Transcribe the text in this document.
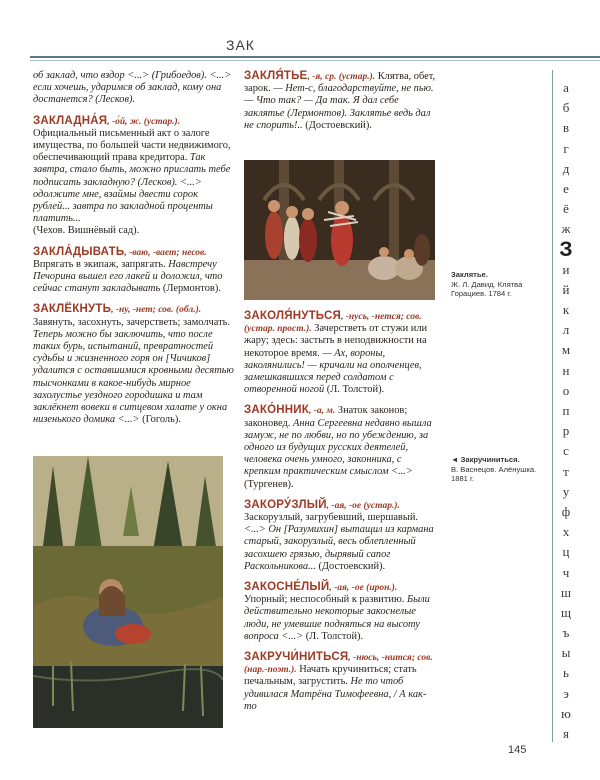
ЗАК

об заклад, что вздор <...> (Грибоедов). <...> если хочешь, ударимся об заклад, кому она достанется? (Лесков).

ЗАКЛАДНА́Я, -о́й, ж. (устар.). Официальный письменный акт о залоге имущества, по большей части недвижимого, обеспечивающий права кредитора. Так завтра, стало быть, можно прислать тебе подписать закладную? (Лесков). <...> одолжите мне, взаймы двести сорок рублей... завтра по закладной проценты платить...
(Чехов. Вишнёвый сад).

ЗАКЛА́ДЫВАТЬ, -ваю, -вает; несов. Впрягать в экипаж, запрягать. Навстречу Печорина вышел его лакей и доложил, что сейчас станут закладывать (Лермонтов).

ЗАКЛЁКНУТЬ, -ну, -нет; сов. (обл.). Завянуть, засохнуть, зачерстветь; замолчать. Теперь можно бы заключить, что после таких бурь, испытаний, превратностей судьбы и жизненного горя он [Чичиков] удалится с оставшимися кровными десятью тысчонками в какое-нибудь мирное захолустье уездного городишка и там заклёкнет вовеки в ситцевом халате у окна низенького домика <...> (Гоголь).

ЗАКЛЯ́ТЬЕ, -я, ср. (устар.). Клятва, обет, зарок. — Нет-с, благодарствуйте, не пью. — Что так? — Да так. Я дал себе заклятье (Лермонтов). Заклятье ведь дал не спорить!.. (Достоевский).

ЗАКОЛЯ́НУТЬСЯ, -нусь, -нется; сов. (устар. прост.). Зачерстветь от стужи или жару; здесь: застыть в неподвижности на некоторое время. — Ах, вороны, заколянились! — кричали на ополченцев, замешкавшихся перед солдатом с отворенной ногой (Л. Толстой).

ЗАКО́ННИК, -а, м. Знаток законов; законовед. Анна Сергеевна недавно вышла замуж, не по любви, но по убеждению, за одного из будущих русских деятелей, человека очень умного, законника, с крепким практическим смыслом <...> (Тургенев).

ЗАКОРУ́ЗЛЫЙ, -ая, -ое (устар.). Заскорузлый, загрубевший, шершавый. <...> Он [Разумихин] вытащил из кармана старый, закорузлый, весь облепленный засохшею грязью, дырявый сапог Раскольникова... (Достоевский).

ЗАКОСНЕ́ЛЫЙ, -ая, -ое (ирон.). Упорный; неспособный к развитию. Были действительно некоторые закоснелые люди, не умевшие подняться на высоту вопроса <...> (Л. Толстой).

ЗАКРУЧИ́НИТЬСЯ, -нюсь, -нится; сов. (нар.-поэт.). Начать кручиниться; стать печальным, загрустить. Не то чтоб удивилася Матрёна Тимофеевна, / А как-то

Заклятье.
Ж. Л. Давид. Клятва Горациев. 1784 г.
◄ Закручиниться.
В. Васнецов. Алёнушка. 1881 г.
а
б
в
г
д
е
ё
ж
З
и
й
к
л
м
н
о
п
р
с
т
у
ф
х
ц
ч
ш
щ
ъ
ы
ь
э
ю
я
145
